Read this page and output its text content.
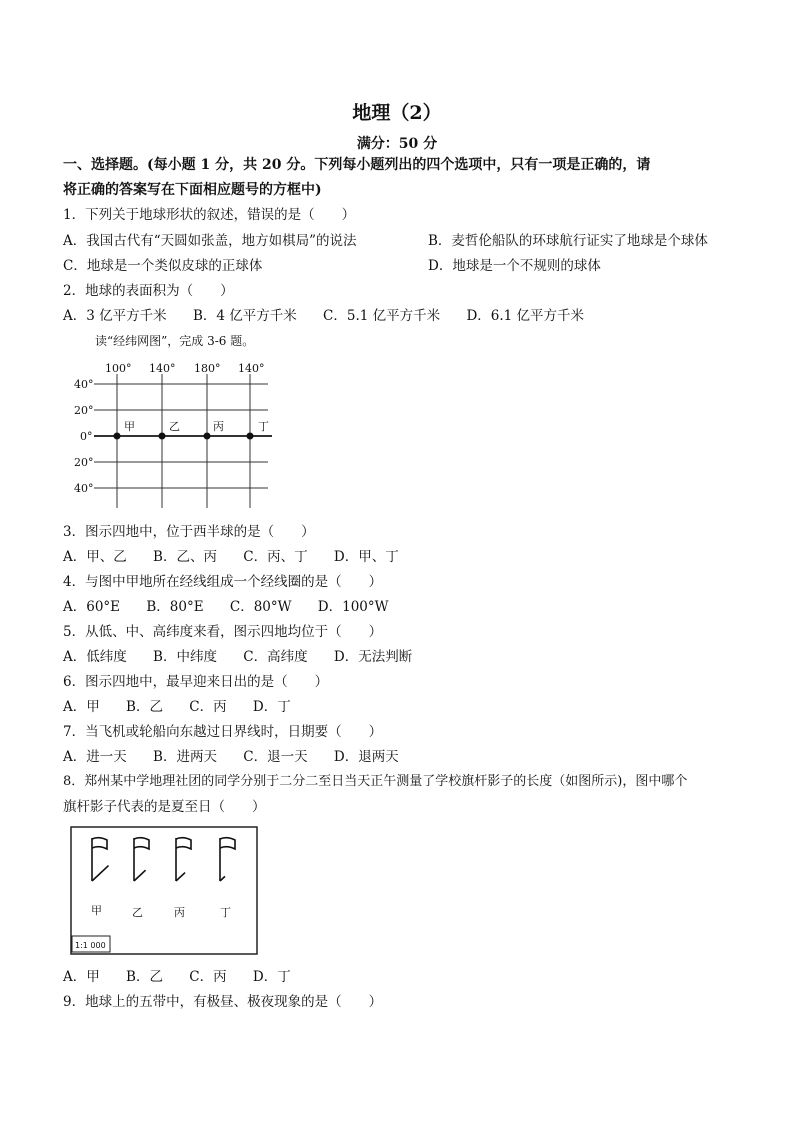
地理（2）
满分：50 分
一、选择题。(每小题 1 分，共 20 分。下列每小题列出的四个选项中，只有一项是正确的，请
将正确的答案写在下面相应题号的方框中)
1．下列关于地球形状的叙述，错误的是（　　）
A．我国古代有“天圆如张盖，地方如棋局”的说法	B．麦哲伦船队的环球航行证实了地球是个球体
C．地球是一个类似皮球的正球体	D．地球是一个不规则的球体
2．地球的表面积为（　　）
A．3 亿平方千米 B．4 亿平方千米 C．5.1 亿平方千米 D．6.1 亿平方千米
读“经纬网图”，完成 3-6 题。
100° 140° 180° 140°
40°
20°
0°
20°
40°
甲	乙	丙	丁
3．图示四地中，位于西半球的是（　　）
A．甲、乙 B．乙、丙 C．丙、丁 D．甲、丁
4．与图中甲地所在经线组成一个经线圈的是（　　）
A．60°E B．80°E C．80°W D．100°W
5．从低、中、高纬度来看，图示四地均位于（　　）
A．低纬度 B．中纬度 C．高纬度 D．无法判断
6．图示四地中，最早迎来日出的是（　　）
A．甲 B．乙 C．丙 D．丁
7．当飞机或轮船向东越过日界线时，日期要（　　）
A．进一天 B．进两天 C．退一天 D．退两天
8．郑州某中学地理社团的同学分别于二分二至日当天正午测量了学校旗杆影子的长度（如图所示)，图中哪个
旗杆影子代表的是夏至日（　　）
甲	乙	丙	丁
1:1 000
A．甲 B．乙 C．丙 D．丁
9．地球上的五带中，有极昼、极夜现象的是（　　）
